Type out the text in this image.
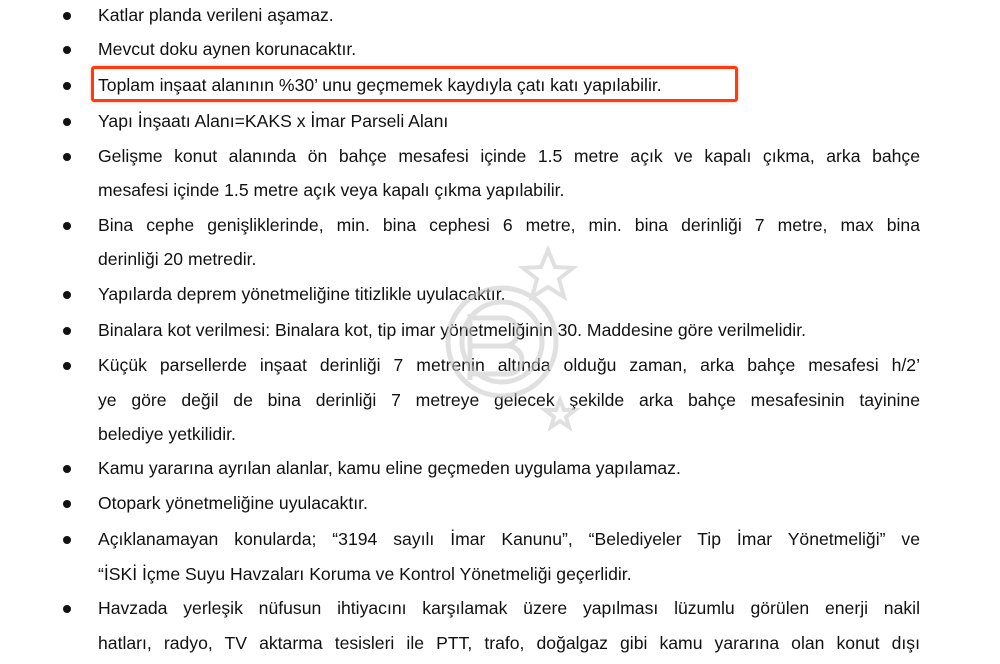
Katlar planda verileni aşamaz.
Mevcut doku aynen korunacaktır.
Toplam inşaat alanının %30’ unu geçmemek kaydıyla çatı katı yapılabilir.
Yapı İnşaatı Alanı=KAKS x İmar Parseli Alanı
Gelişme konut alanında ön bahçe mesafesi içinde 1.5 metre açık ve kapalı çıkma, arka bahçe
mesafesi içinde 1.5 metre açık veya kapalı çıkma yapılabilir.
Bina cephe genişliklerinde, min. bina cephesi 6 metre, min. bina derinliği 7 metre, max bina
derinliği 20 metredir.
Yapılarda deprem yönetmeliğine titizlikle uyulacaktır.
Binalara kot verilmesi: Binalara kot, tip imar yönetmeliğinin 30. Maddesine göre verilmelidir.
Küçük parsellerde inşaat derinliği 7 metrenin altında olduğu zaman, arka bahçe mesafesi h/2’
ye göre değil de bina derinliği 7 metreye gelecek şekilde arka bahçe mesafesinin tayinine
belediye yetkilidir.
Kamu yararına ayrılan alanlar, kamu eline geçmeden uygulama yapılamaz.
Otopark yönetmeliğine uyulacaktır.
Açıklanamayan konularda; “3194 sayılı İmar Kanunu”, “Belediyeler Tip İmar Yönetmeliği” ve
“İSKİ İçme Suyu Havzaları Koruma ve Kontrol Yönetmeliği geçerlidir.
Havzada yerleşik nüfusun ihtiyacını karşılamak üzere yapılması lüzumlu görülen enerji nakil
hatları, radyo, TV aktarma tesisleri ile PTT, trafo, doğalgaz gibi kamu yararına olan konut dışı
